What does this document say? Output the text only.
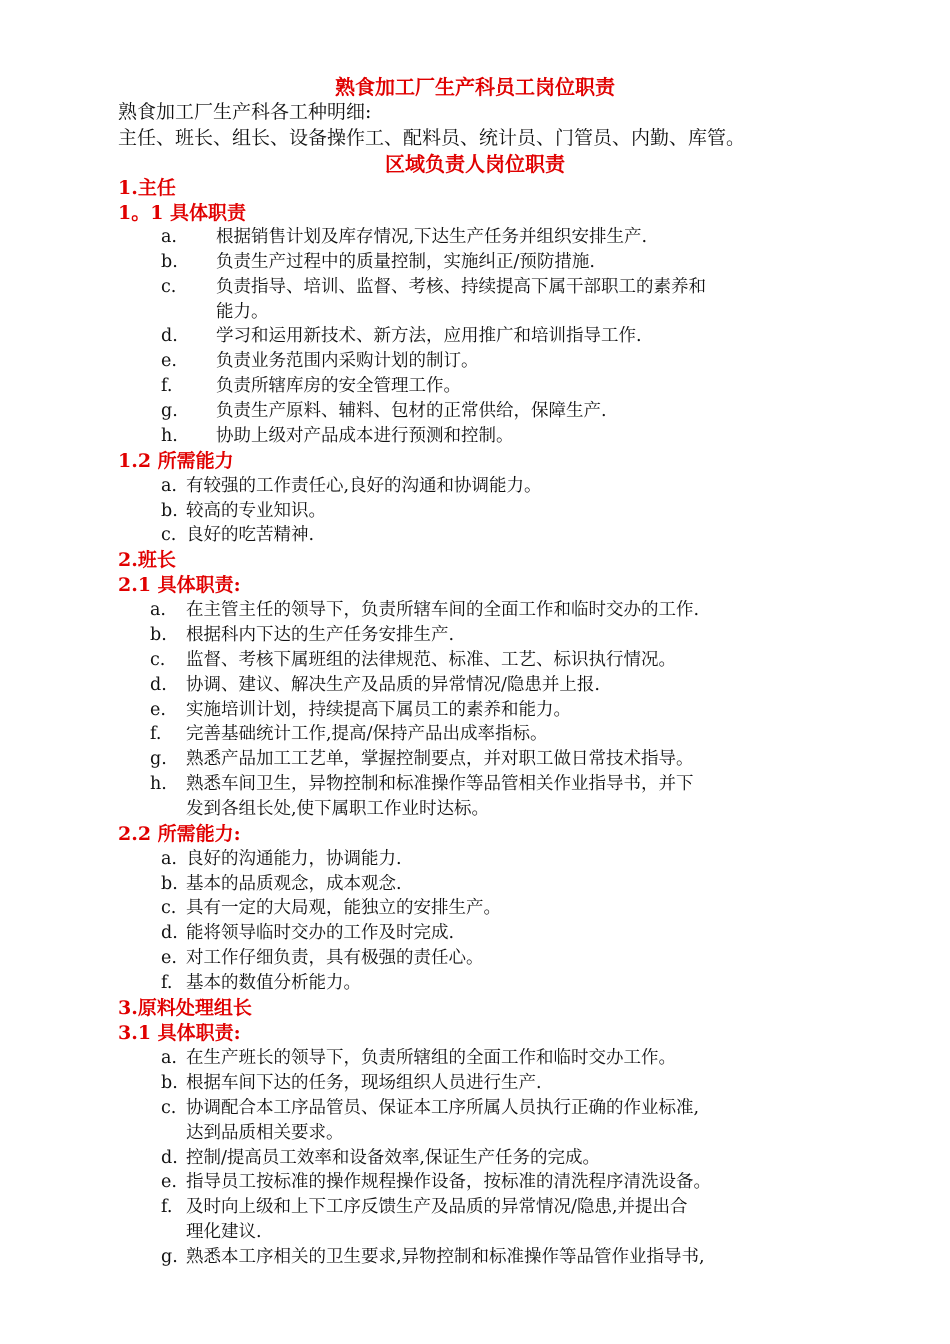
熟食加工厂生产科员工岗位职责
熟食加工厂生产科各工种明细:
主任、班长、组长、设备操作工、配料员、统计员、门管员、内勤、库管。
区域负责人岗位职责
1.主任
1。1 具体职责
a. 根据销售计划及库存情况,下达生产任务并组织安排生产.
b. 负责生产过程中的质量控制，实施纠正/预防措施.
c. 负责指导、培训、监督、考核、持续提高下属干部职工的素养和
能力。
d. 学习和运用新技术、新方法，应用推广和培训指导工作.
e. 负责业务范围内采购计划的制订。
f. 负责所辖库房的安全管理工作。
g. 负责生产原料、辅料、包材的正常供给，保障生产.
h. 协助上级对产品成本进行预测和控制。
1.2 所需能力
a. 有较强的工作责任心,良好的沟通和协调能力。
b. 较高的专业知识。
c. 良好的吃苦精神.
2.班长
2.1 具体职责:
a. 在主管主任的领导下，负责所辖车间的全面工作和临时交办的工作.
b. 根据科内下达的生产任务安排生产.
c. 监督、考核下属班组的法律规范、标准、工艺、标识执行情况。
d. 协调、建议、解决生产及品质的异常情况/隐患并上报.
e. 实施培训计划，持续提高下属员工的素养和能力。
f. 完善基础统计工作,提高/保持产品出成率指标。
g. 熟悉产品加工工艺单，掌握控制要点，并对职工做日常技术指导。
h. 熟悉车间卫生，异物控制和标准操作等品管相关作业指导书，并下
发到各组长处,使下属职工作业时达标。
2.2 所需能力:
a. 良好的沟通能力，协调能力.
b. 基本的品质观念，成本观念.
c. 具有一定的大局观，能独立的安排生产。
d. 能将领导临时交办的工作及时完成.
e. 对工作仔细负责，具有极强的责任心。
f. 基本的数值分析能力。
3.原料处理组长
3.1 具体职责:
a. 在生产班长的领导下，负责所辖组的全面工作和临时交办工作。
b. 根据车间下达的任务，现场组织人员进行生产.
c. 协调配合本工序品管员、保证本工序所属人员执行正确的作业标准,
达到品质相关要求。
d. 控制/提高员工效率和设备效率,保证生产任务的完成。
e. 指导员工按标准的操作规程操作设备，按标准的清洗程序清洗设备。
f. 及时向上级和上下工序反馈生产及品质的异常情况/隐患,并提出合
理化建议.
g. 熟悉本工序相关的卫生要求,异物控制和标准操作等品管作业指导书,
